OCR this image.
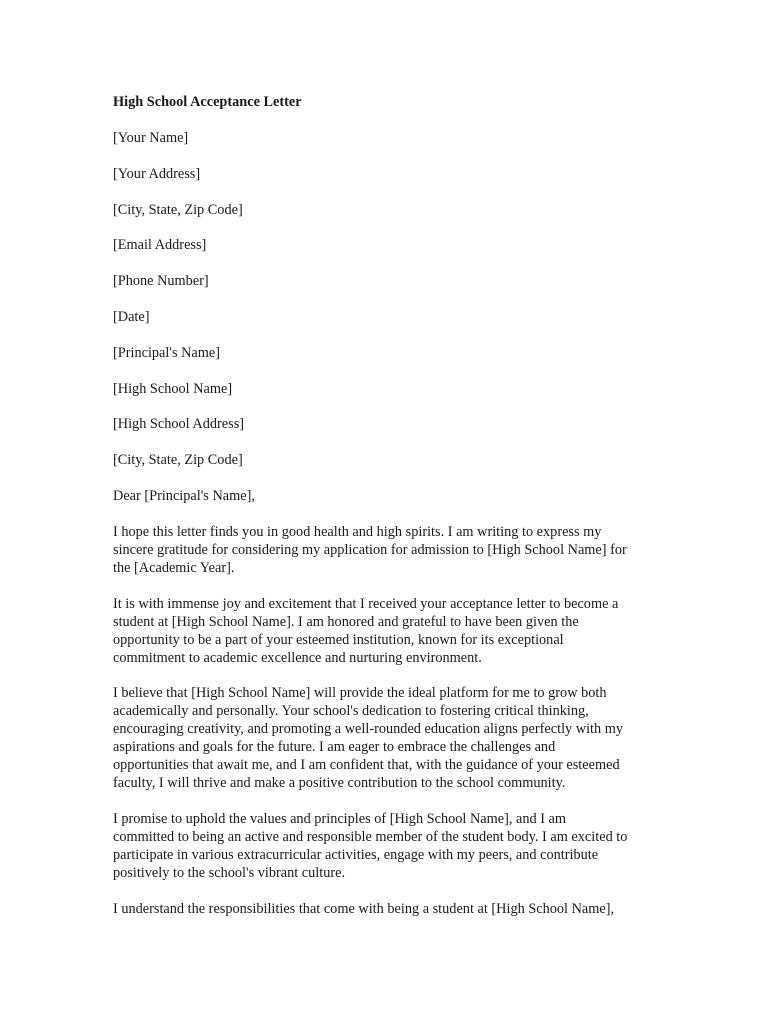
High School Acceptance Letter
[Your Name]
[Your Address]
[City, State, Zip Code]
[Email Address]
[Phone Number]
[Date]
[Principal's Name]
[High School Name]
[High School Address]
[City, State, Zip Code]
Dear [Principal's Name],
I hope this letter finds you in good health and high spirits. I am writing to express my
sincere gratitude for considering my application for admission to [High School Name] for
the [Academic Year].
It is with immense joy and excitement that I received your acceptance letter to become a
student at [High School Name]. I am honored and grateful to have been given the
opportunity to be a part of your esteemed institution, known for its exceptional
commitment to academic excellence and nurturing environment.
I believe that [High School Name] will provide the ideal platform for me to grow both
academically and personally. Your school's dedication to fostering critical thinking,
encouraging creativity, and promoting a well-rounded education aligns perfectly with my
aspirations and goals for the future. I am eager to embrace the challenges and
opportunities that await me, and I am confident that, with the guidance of your esteemed
faculty, I will thrive and make a positive contribution to the school community.
I promise to uphold the values and principles of [High School Name], and I am
committed to being an active and responsible member of the student body. I am excited to
participate in various extracurricular activities, engage with my peers, and contribute
positively to the school's vibrant culture.
I understand the responsibilities that come with being a student at [High School Name],
